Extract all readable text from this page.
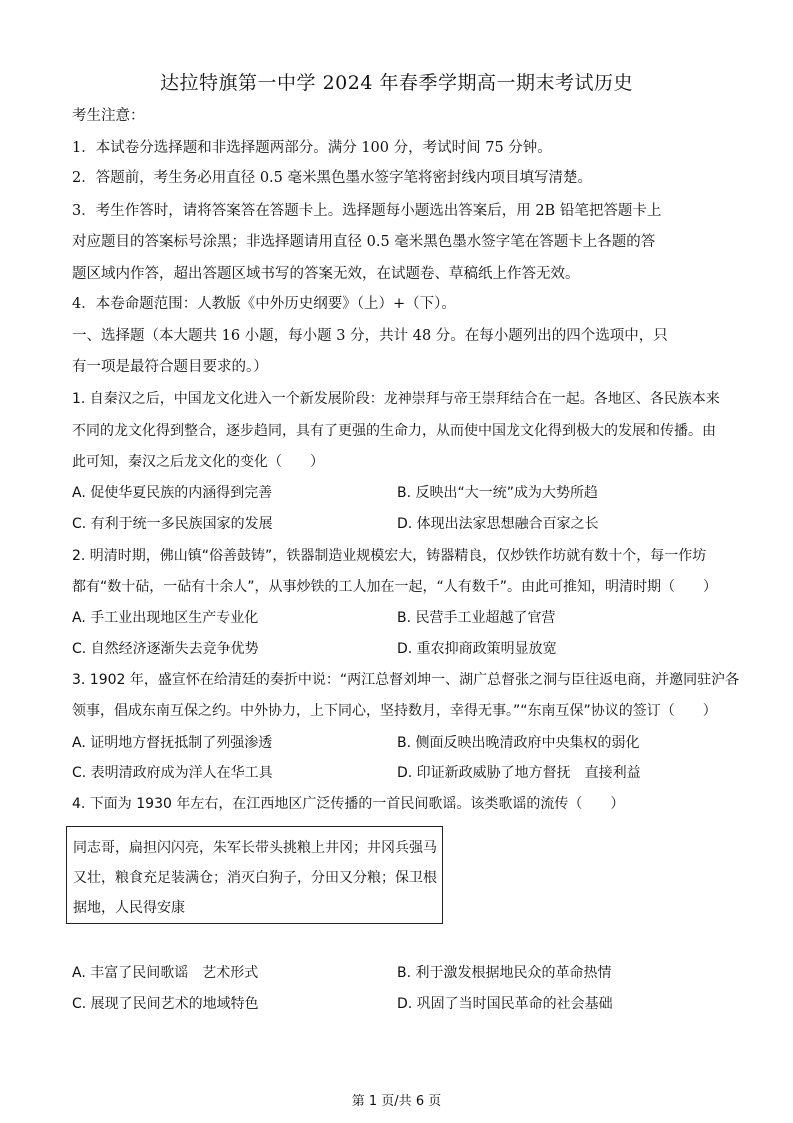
达拉特旗第一中学 2024 年春季学期高一期末考试历史
考生注意：
1．本试卷分选择题和非选择题两部分。满分 100 分，考试时间 75 分钟。
2．答题前，考生务必用直径 0.5 毫米黑色墨水签字笔将密封线内项目填写清楚。
3．考生作答时，请将答案答在答题卡上。选择题每小题选出答案后，用 2B 铅笔把答题卡上
对应题目的答案标号涂黑；非选择题请用直径 0.5 毫米黑色墨水签字笔在答题卡上各题的答
题区域内作答，超出答题区域书写的答案无效，在试题卷、草稿纸上作答无效。
4．本卷命题范围：人教版《中外历史纲要》（上）+（下）。
一、选择题（本大题共 16 小题，每小题 3 分，共计 48 分。在每小题列出的四个选项中，只
有一项是最符合题目要求的。）
1. 自秦汉之后，中国龙文化进入一个新发展阶段：龙神崇拜与帝王崇拜结合在一起。各地区、各民族本来
不同的龙文化得到整合，逐步趋同，具有了更强的生命力，从而使中国龙文化得到极大的发展和传播。由
此可知，秦汉之后龙文化的变化（　　）
A. 促使华夏民族的内涵得到完善	B. 反映出“大一统”成为大势所趋
C. 有利于统一多民族国家的发展	D. 体现出法家思想融合百家之长
2. 明清时期，佛山镇“俗善鼓铸”，铁器制造业规模宏大，铸器精良，仅炒铁作坊就有数十个，每一作坊
都有“数十砧，一砧有十余人”，从事炒铁的工人加在一起，“人有数千”。由此可推知，明清时期（　　）
A. 手工业出现地区生产专业化	B. 民营手工业超越了官营
C. 自然经济逐渐失去竞争优势	D. 重农抑商政策明显放宽
3. 1902 年，盛宣怀在给清廷的奏折中说：“两江总督刘坤一、湖广总督张之洞与臣往返电商，并邀同驻沪各
领事，倡成东南互保之约。中外协力，上下同心，坚持数月，幸得无事。”“东南互保”协议的签订（　　）
A. 证明地方督抚抵制了列强渗透	B. 侧面反映出晚清政府中央集权的弱化
C. 表明清政府成为洋人在华工具	D. 印证新政威胁了地方督抚　直接利益
4. 下面为 1930 年左右，在江西地区广泛传播的一首民间歌谣。该类歌谣的流传（　　）
同志哥，扁担闪闪亮，朱军长带头挑粮上井冈；井冈兵强马
又壮，粮食充足装满仓；消灭白狗子，分田又分粮；保卫根
据地，人民得安康
A. 丰富了民间歌谣　艺术形式	B. 利于激发根据地民众的革命热情
C. 展现了民间艺术的地域特色	D. 巩固了当时国民革命的社会基础
第 1 页/共 6 页
